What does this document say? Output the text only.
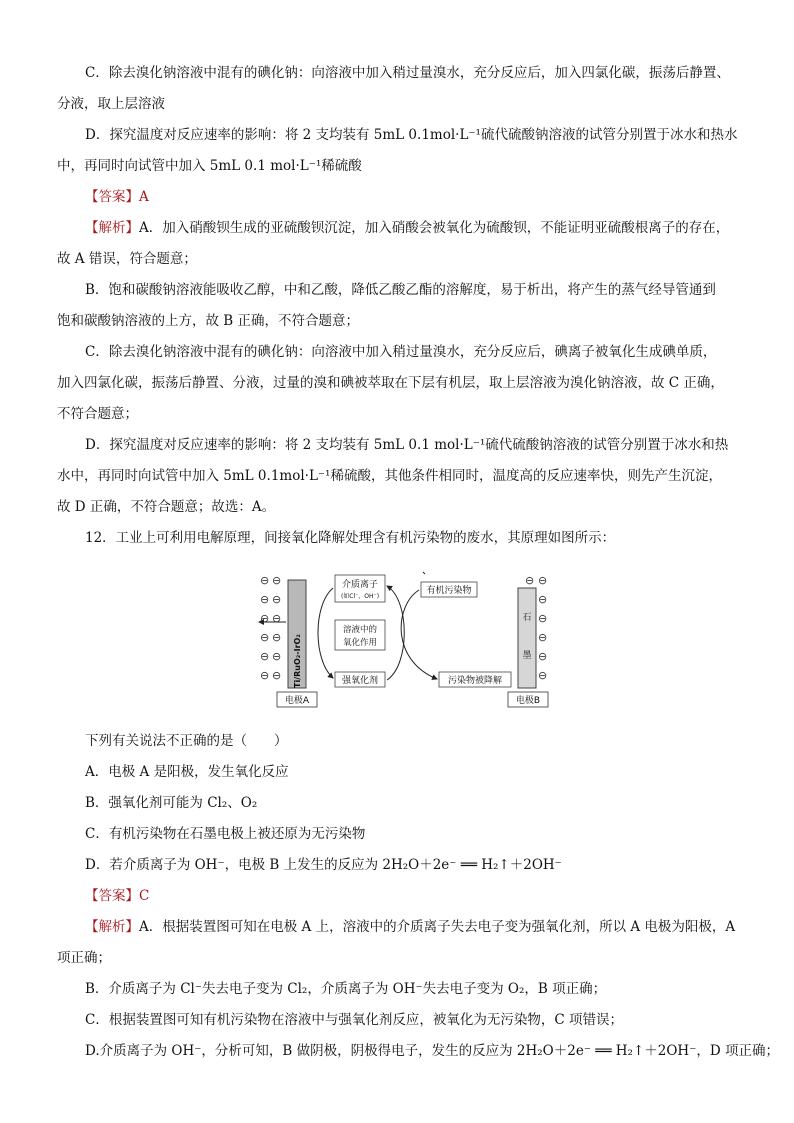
C．除去溴化钠溶液中混有的碘化钠：向溶液中加入稍过量溴水，充分反应后，加入四氯化碳，振荡后静置、
分液，取上层溶液
D．探究温度对反应速率的影响：将 2 支均装有 5mL 0.1mol·L⁻¹硫代硫酸钠溶液的试管分别置于冰水和热水
中，再同时向试管中加入 5mL 0.1 mol·L⁻¹稀硫酸
【答案】A
【解析】A．加入硝酸钡生成的亚硫酸钡沉淀，加入硝酸会被氧化为硫酸钡，不能证明亚硫酸根离子的存在，
故 A 错误，符合题意；
B．饱和碳酸钠溶液能吸收乙醇，中和乙酸，降低乙酸乙酯的溶解度，易于析出，将产生的蒸气经导管通到
饱和碳酸钠溶液的上方，故 B 正确，不符合题意；
C．除去溴化钠溶液中混有的碘化钠：向溶液中加入稍过量溴水，充分反应后，碘离子被氧化生成碘单质，
加入四氯化碳，振荡后静置、分液，过量的溴和碘被萃取在下层有机层，取上层溶液为溴化钠溶液，故 C 正确，
不符合题意；
D．探究温度对反应速率的影响：将 2 支均装有 5mL 0.1 mol·L⁻¹硫代硫酸钠溶液的试管分别置于冰水和热
水中，再同时向试管中加入 5mL 0.1mol·L⁻¹稀硫酸，其他条件相同时，温度高的反应速率快，则先产生沉淀，
故 D 正确，不符合题意；故选：A。
12．工业上可利用电解原理，间接氧化降解处理含有机污染物的废水，其原理如图所示：
下列有关说法不正确的是（　　）
A．电极 A 是阳极，发生氧化反应
B．强氧化剂可能为 Cl₂、O₂
C．有机污染物在石墨电极上被还原为无污染物
D．若介质离子为 OH⁻，电极 B 上发生的反应为 2H₂O＋2e⁻ ══ H₂↑＋2OH⁻
【答案】C
【解析】A．根据装置图可知在电极 A 上，溶液中的介质离子失去电子变为强氧化剂，所以 A 电极为阳极，A
项正确；
B．介质离子为 Cl⁻失去电子变为 Cl₂，介质离子为 OH⁻失去电子变为 O₂，B 项正确；
C．根据装置图可知有机污染物在溶液中与强氧化剂反应，被氧化为无污染物，C 项错误；
D.介质离子为 OH⁻，分析可知，B 做阴极，阴极得电子，发生的反应为 2H₂O＋2e⁻ ══ H₂↑＋2OH⁻，D 项正确；
⊖ ⊖
⊖ ⊖
⊖ ⊖
⊖ ⊖
⊖ ⊖
⊖ ⊖ Ti/RuO₂-IrO₂
电极A
介质离子
(如Cl⁻、OH⁻)
溶液中的
氧化作用
强氧化剂
有机污染物
污染物被降解
石
墨
⊖
⊖
⊖
⊖
⊖
⊖
⊖
电极B
